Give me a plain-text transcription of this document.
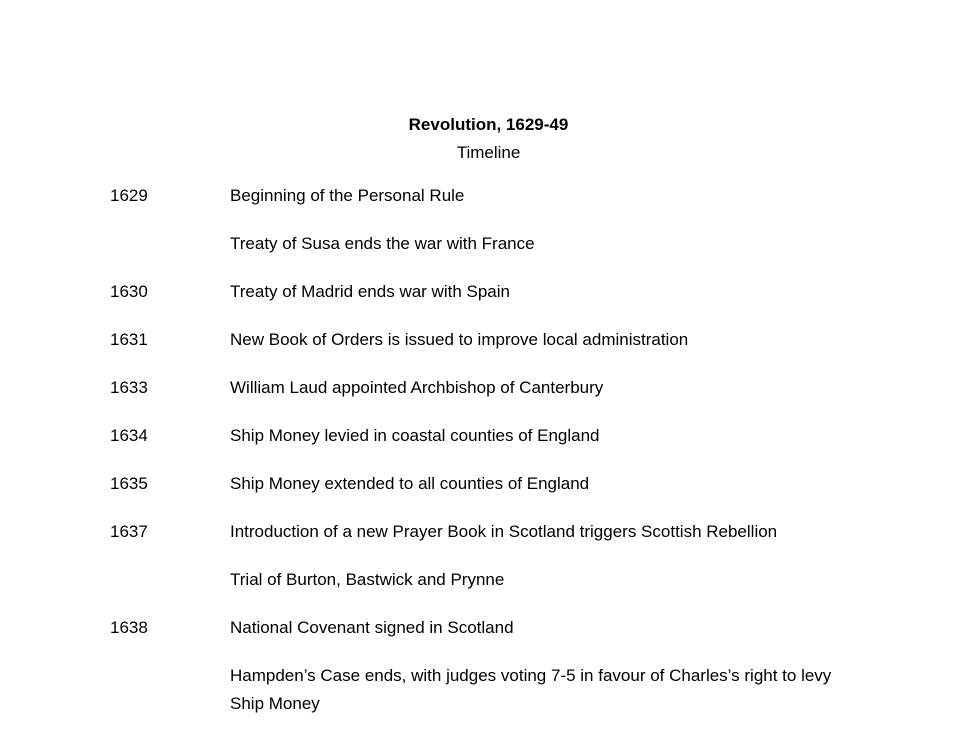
Revolution, 1629-49
Timeline
1629	Beginning of the Personal Rule
Treaty of Susa ends the war with France
1630	Treaty of Madrid ends war with Spain
1631	New Book of Orders is issued to improve local administration
1633	William Laud appointed Archbishop of Canterbury
1634	Ship Money levied in coastal counties of England
1635	Ship Money extended to all counties of England
1637	Introduction of a new Prayer Book in Scotland triggers Scottish Rebellion
Trial of Burton, Bastwick and Prynne
1638	National Covenant signed in Scotland
Hampden’s Case ends, with judges voting 7-5 in favour of Charles’s right to levy Ship Money
